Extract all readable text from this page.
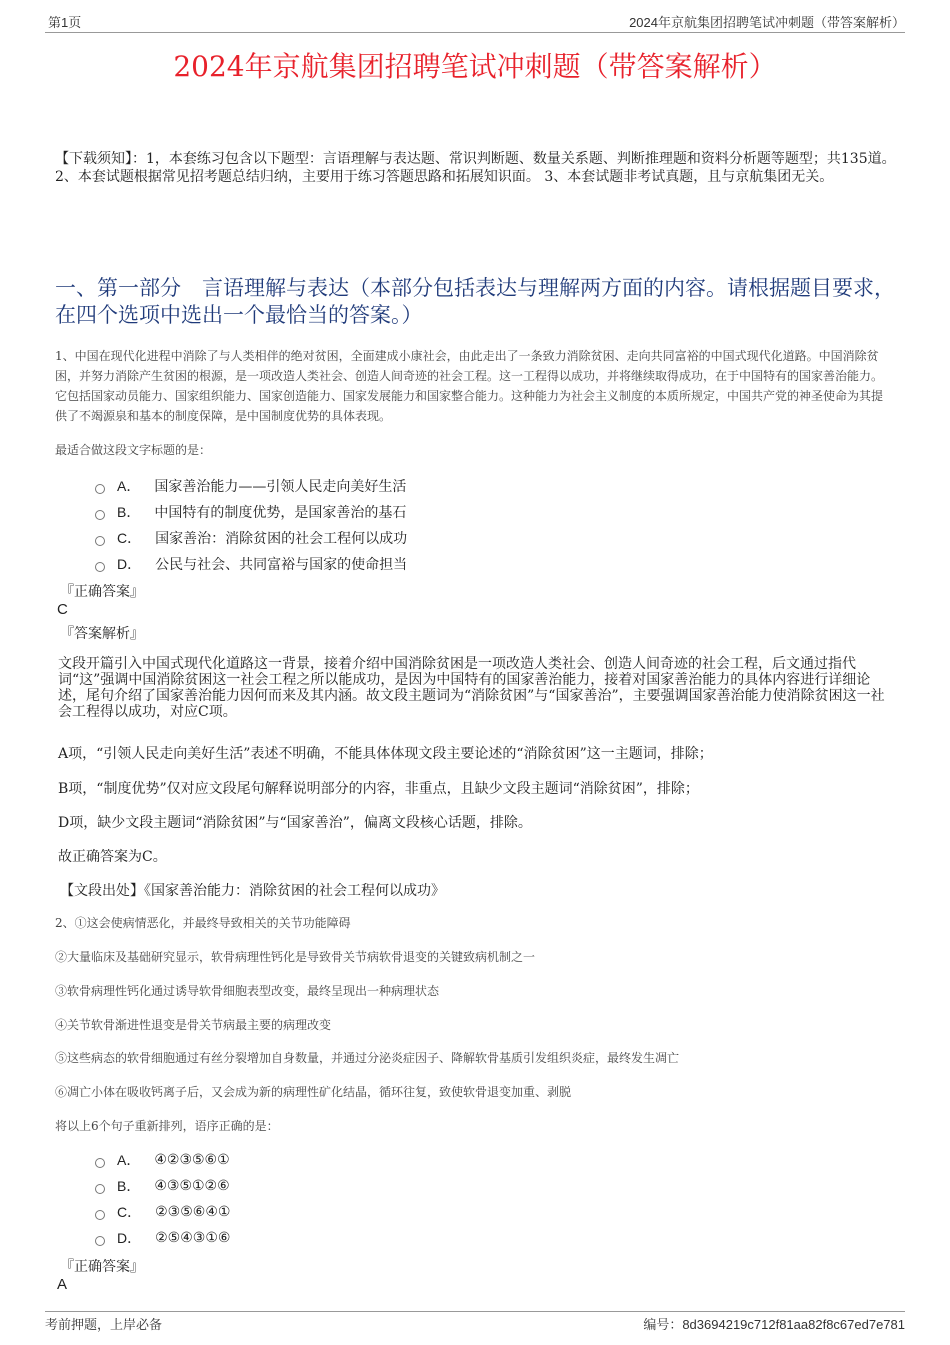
第1页	2024年京航集团招聘笔试冲刺题（带答案解析）
2024年京航集团招聘笔试冲刺题（带答案解析）
【下载须知】：1，本套练习包含以下题型：言语理解与表达题、常识判断题、数量关系题、判断推理题和资料分析题等题型；共135道。 2、本套试题根据常见招考题总结归纳，主要用于练习答题思路和拓展知识面。 3、本套试题非考试真题，且与京航集团无关。
一、第一部分　言语理解与表达（本部分包括表达与理解两方面的内容。请根据题目要求，在四个选项中选出一个最恰当的答案。）
1、中国在现代化进程中消除了与人类相伴的绝对贫困，全面建成小康社会，由此走出了一条致力消除贫困、走向共同富裕的中国式现代化道路。中国消除贫困，并努力消除产生贫困的根源，是一项改造人类社会、创造人间奇迹的社会工程。这一工程得以成功，并将继续取得成功，在于中国特有的国家善治能力。它包括国家动员能力、国家组织能力、国家创造能力、国家发展能力和国家整合能力。这种能力为社会主义制度的本质所规定，中国共产党的神圣使命为其提供了不竭源泉和基本的制度保障，是中国制度优势的具体表现。
最适合做这段文字标题的是：
A． 国家善治能力——引领人民走向美好生活
B． 中国特有的制度优势，是国家善治的基石
C． 国家善治：消除贫困的社会工程何以成功
D． 公民与社会、共同富裕与国家的使命担当
『正确答案』
C
『答案解析』
文段开篇引入中国式现代化道路这一背景，接着介绍中国消除贫困是一项改造人类社会、创造人间奇迹的社会工程，后文通过指代词“这”强调中国消除贫困这一社会工程之所以能成功，是因为中国特有的国家善治能力，接着对国家善治能力的具体内容进行详细论述，尾句介绍了国家善治能力因何而来及其内涵。故文段主题词为“消除贫困”与“国家善治”，主要强调国家善治能力使消除贫困这一社会工程得以成功，对应C项。
A项，“引领人民走向美好生活”表述不明确，不能具体体现文段主要论述的“消除贫困”这一主题词，排除；
B项，“制度优势”仅对应文段尾句解释说明部分的内容，非重点，且缺少文段主题词“消除贫困”，排除；
D项，缺少文段主题词“消除贫困”与“国家善治”，偏离文段核心话题，排除。
故正确答案为C。
【文段出处】《国家善治能力：消除贫困的社会工程何以成功》
2、①这会使病情恶化，并最终导致相关的关节功能障碍
②大量临床及基础研究显示，软骨病理性钙化是导致骨关节病软骨退变的关键致病机制之一
③软骨病理性钙化通过诱导软骨细胞表型改变，最终呈现出一种病理状态
④关节软骨渐进性退变是骨关节病最主要的病理改变
⑤这些病态的软骨细胞通过有丝分裂增加自身数量，并通过分泌炎症因子、降解软骨基质引发组织炎症，最终发生凋亡
⑥凋亡小体在吸收钙离子后，又会成为新的病理性矿化结晶，循环往复，致使软骨退变加重、剥脱
将以上6个句子重新排列，语序正确的是：
A． ④②③⑤⑥①
B． ④③⑤①②⑥
C． ②③⑤⑥④①
D． ②⑤④③①⑥
『正确答案』
A
考前押题，上岸必备	编号：8d3694219c712f81aa82f8c67ed7e781
